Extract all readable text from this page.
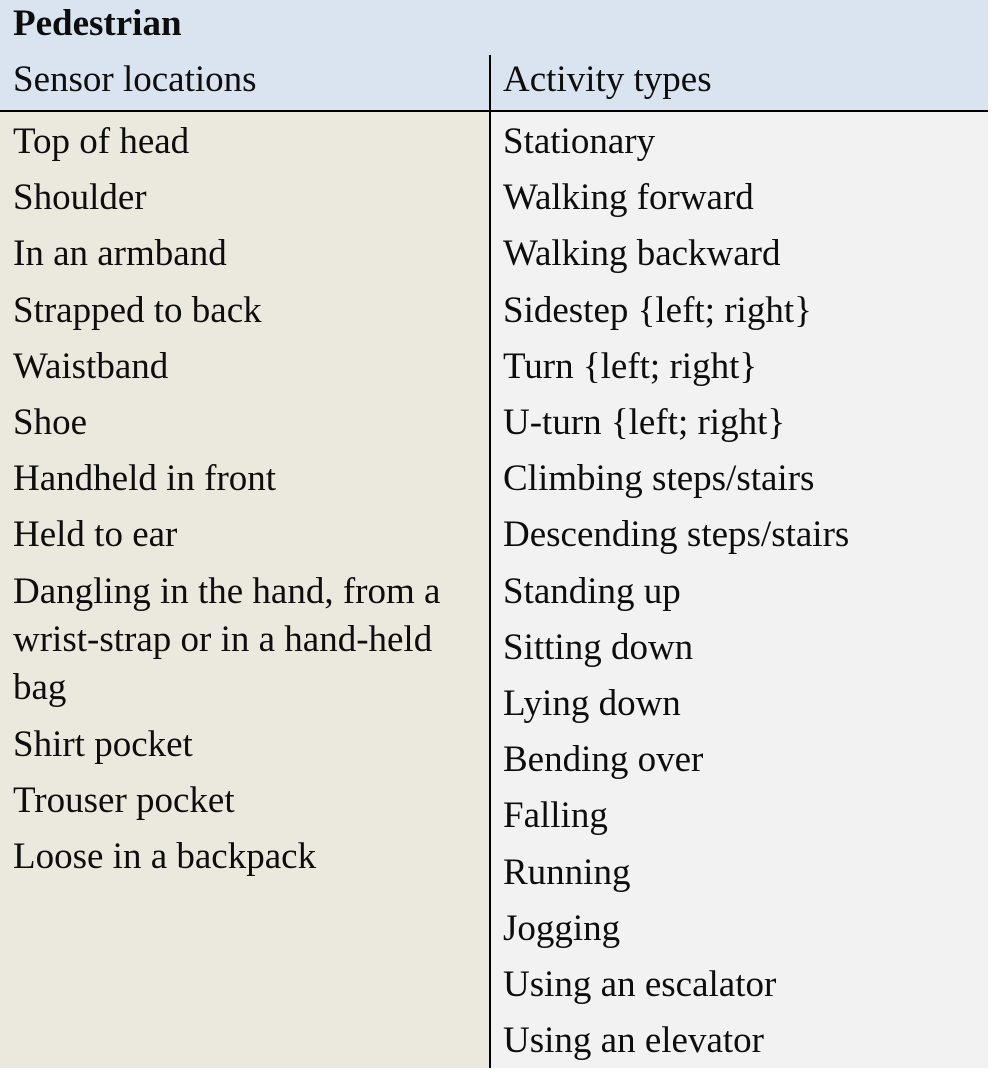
Pedestrian
Sensor locations	Activity types
Top of head
Shoulder
In an armband
Strapped to back
Waistband
Shoe
Handheld in front
Held to ear
Dangling in the hand, from a wrist-strap or in a hand-held bag
Shirt pocket
Trouser pocket
Loose in a backpack
Stationary
Walking forward
Walking backward
Sidestep {left; right}
Turn {left; right}
U-turn {left; right}
Climbing steps/stairs
Descending steps/stairs
Standing up
Sitting down
Lying down
Bending over
Falling
Running
Jogging
Using an escalator
Using an elevator
